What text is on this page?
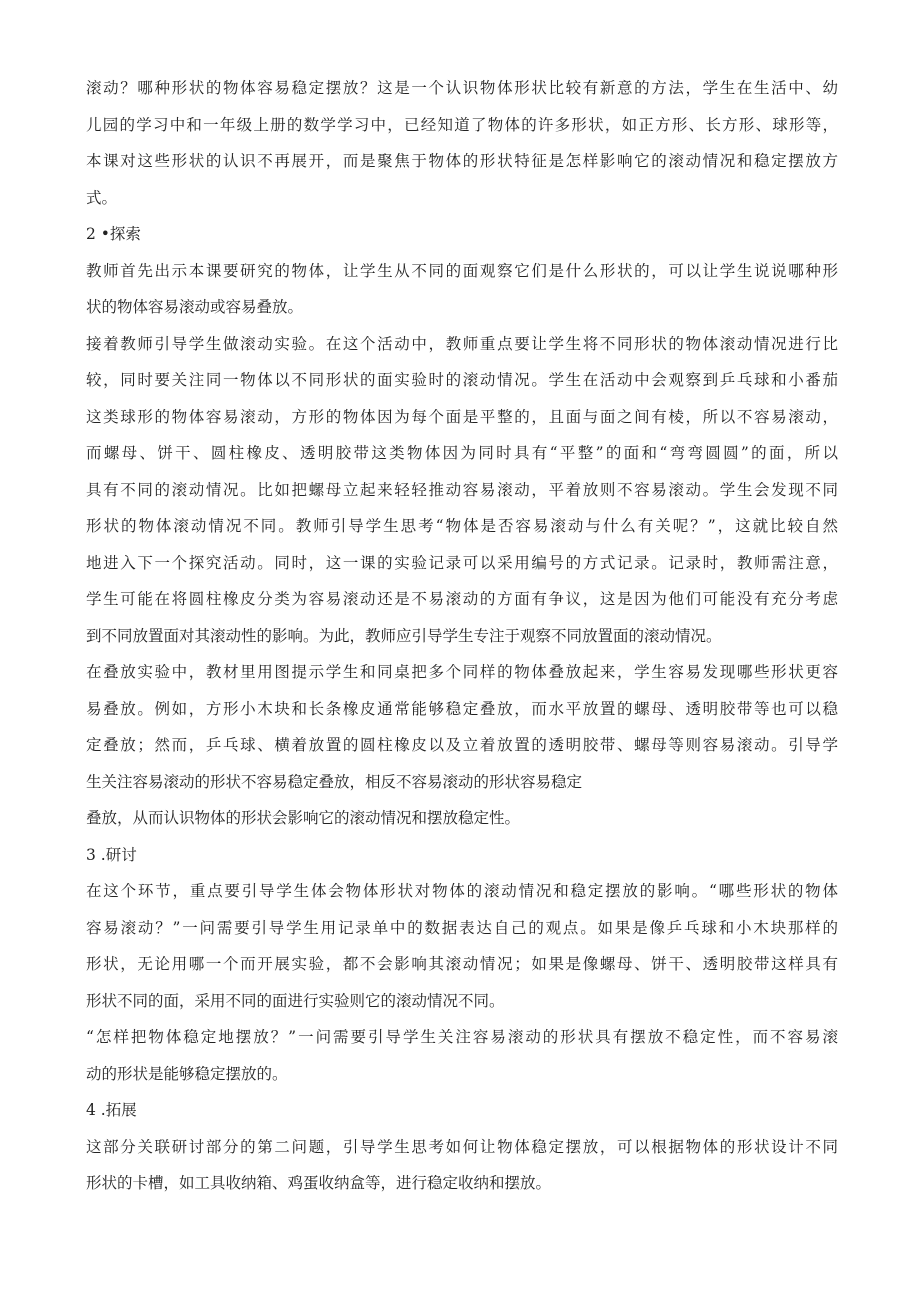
滚动？哪种形状的物体容易稳定摆放？这是一个认识物体形状比较有新意的方法，学生在生活中、幼
儿园的学习中和一年级上册的数学学习中，已经知道了物体的许多形状，如正方形、长方形、球形等，
本课对这些形状的认识不再展开，而是聚焦于物体的形状特征是怎样影响它的滚动情况和稳定摆放方
式。
2 •探索
教师首先出示本课要研究的物体，让学生从不同的面观察它们是什么形状的，可以让学生说说哪种形
状的物体容易滚动或容易叠放。
接着教师引导学生做滚动实验。在这个活动中，教师重点要让学生将不同形状的物体滚动情况进行比
较，同时要关注同一物体以不同形状的面实验时的滚动情况。学生在活动中会观察到乒乓球和小番茄
这类球形的物体容易滚动，方形的物体因为每个面是平整的，且面与面之间有棱，所以不容易滚动，
而螺母、饼干、圆柱橡皮、透明胶带这类物体因为同时具有“平整”的面和“弯弯圆圆”的面，所以
具有不同的滚动情况。比如把螺母立起来轻轻推动容易滚动，平着放则不容易滚动。学生会发现不同
形状的物体滚动情况不同。教师引导学生思考“物体是否容易滚动与什么有关呢？”，这就比较自然
地进入下一个探究活动。同时，这一课的实验记录可以采用编号的方式记录。记录时，教师需注意，
学生可能在将圆柱橡皮分类为容易滚动还是不易滚动的方面有争议，这是因为他们可能没有充分考虑
到不同放置面对其滚动性的影响。为此，教师应引导学生专注于观察不同放置面的滚动情况。
在叠放实验中，教材里用图提示学生和同桌把多个同样的物体叠放起来，学生容易发现哪些形状更容
易叠放。例如，方形小木块和长条橡皮通常能够稳定叠放，而水平放置的螺母、透明胶带等也可以稳
定叠放；然而，乒乓球、横着放置的圆柱橡皮以及立着放置的透明胶带、螺母等则容易滚动。引导学
生关注容易滚动的形状不容易稳定叠放，相反不容易滚动的形状容易稳定
叠放，从而认识物体的形状会影响它的滚动情况和摆放稳定性。
3 .研讨
在这个环节，重点要引导学生体会物体形状对物体的滚动情况和稳定摆放的影响。“哪些形状的物体
容易滚动？”一问需要引导学生用记录单中的数据表达自己的观点。如果是像乒乓球和小木块那样的
形状，无论用哪一个而开展实验，都不会影响其滚动情况；如果是像螺母、饼干、透明胶带这样具有
形状不同的面，采用不同的面进行实验则它的滚动情况不同。
“怎样把物体稳定地摆放？”一问需要引导学生关注容易滚动的形状具有摆放不稳定性，而不容易滚
动的形状是能够稳定摆放的。
4 .拓展
这部分关联研讨部分的第二问题，引导学生思考如何让物体稳定摆放，可以根据物体的形状设计不同
形状的卡槽，如工具收纳箱、鸡蛋收纳盒等，进行稳定收纳和摆放。
